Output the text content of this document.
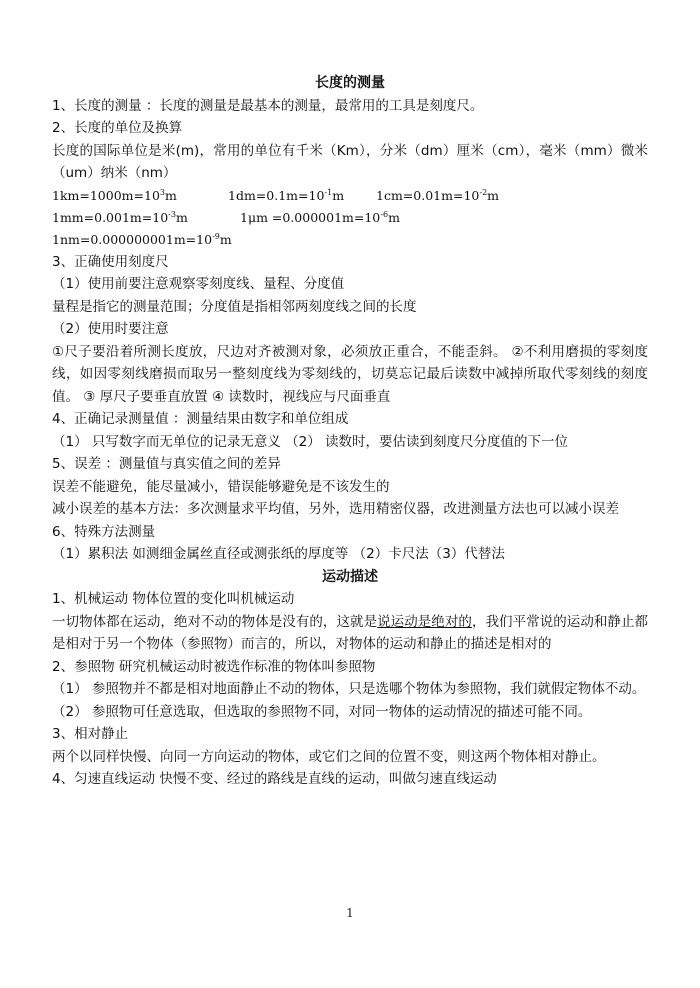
长度的测量
1、长度的测量 ：长度的测量是最基本的测量，最常用的工具是刻度尺。
2、长度的单位及换算
长度的国际单位是米(m)，常用的单位有千米（Km），分米（dm）厘米（cm），毫米（mm）微米（um）纳米（nm）
$1km=1000m=10^3m$	$1dm=0.1m=10^{-1}m$	$1cm=0.01m=10^{-2}m$
$1mm=0.001m=10^{-3}m$	$1\mu m =0.000001m=10^{-6}m$
$1nm=0.000000001m=10^{-9}m$
3、正确使用刻度尺
（1）使用前要注意观察零刻度线、量程、分度值
量程是指它的测量范围；分度值是指相邻两刻度线之间的长度
（2）使用时要注意
①尺子要沿着所测长度放，尺边对齐被测对象，必须放正重合，不能歪斜。 ②不利用磨损的零刻度线，如因零刻线磨损而取另一整刻度线为零刻线的，切莫忘记最后读数中减掉所取代零刻线的刻度值。 ③ 厚尺子要垂直放置 ④ 读数时，视线应与尺面垂直
4、正确记录测量值 ：测量结果由数字和单位组成
（1） 只写数字而无单位的记录无意义 （2） 读数时，要估读到刻度尺分度值的下一位
5、误差 ：测量值与真实值之间的差异
误差不能避免，能尽量减小，错误能够避免是不该发生的
减小误差的基本方法：多次测量求平均值，另外，选用精密仪器，改进测量方法也可以减小误差
6、特殊方法测量
（1）累积法 如测细金属丝直径或测张纸的厚度等 （2）卡尺法（3）代替法
运动描述
1、机械运动 物体位置的变化叫机械运动
一切物体都在运动，绝对不动的物体是没有的，这就是说运动是绝对的，我们平常说的运动和静止都是相对于另一个物体（参照物）而言的，所以，对物体的运动和静止的描述是相对的
2、参照物 研究机械运动时被选作标准的物体叫参照物
（1） 参照物并不都是相对地面静止不动的物体，只是选哪个物体为参照物，我们就假定物体不动。
（2） 参照物可任意选取，但选取的参照物不同，对同一物体的运动情况的描述可能不同。
3、相对静止
两个以同样快慢、向同一方向运动的物体，或它们之间的位置不变，则这两个物体相对静止。
4、匀速直线运动 快慢不变、经过的路线是直线的运动，叫做匀速直线运动
1
